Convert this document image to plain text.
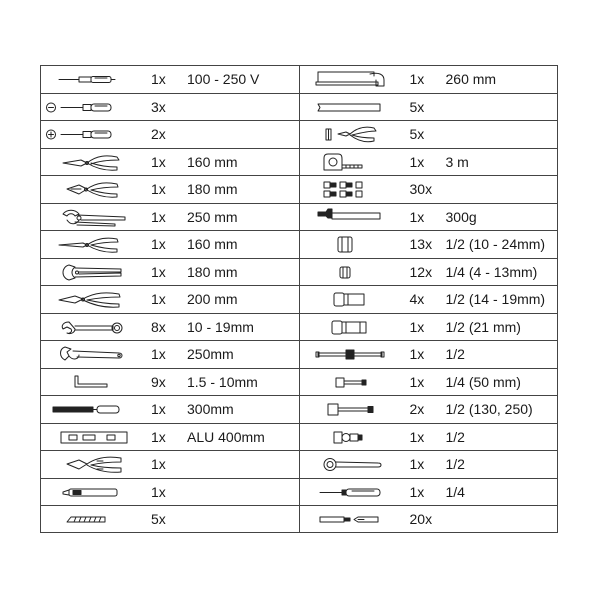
1x 100 - 250 V
3x
2x
1x 160 mm
1x 180 mm
1x 250 mm
1x 160 mm
1x 180 mm
1x 200 mm
8x 10 - 19mm
1x 250mm
9x 1.5 - 10mm
1x 300mm
1x ALU 400mm
1x
1x
5x
1x 260 mm
5x
5x
1x 3 m
30x
1x 300g
13x 1/2 (10 - 24mm)
12x 1/4 (4 - 13mm)
4x 1/2 (14 - 19mm)
1x 1/2 (21 mm)
1x 1/2
1x 1/4 (50 mm)
2x 1/2 (130, 250)
1x 1/2
1x 1/2
1x 1/4
20x
